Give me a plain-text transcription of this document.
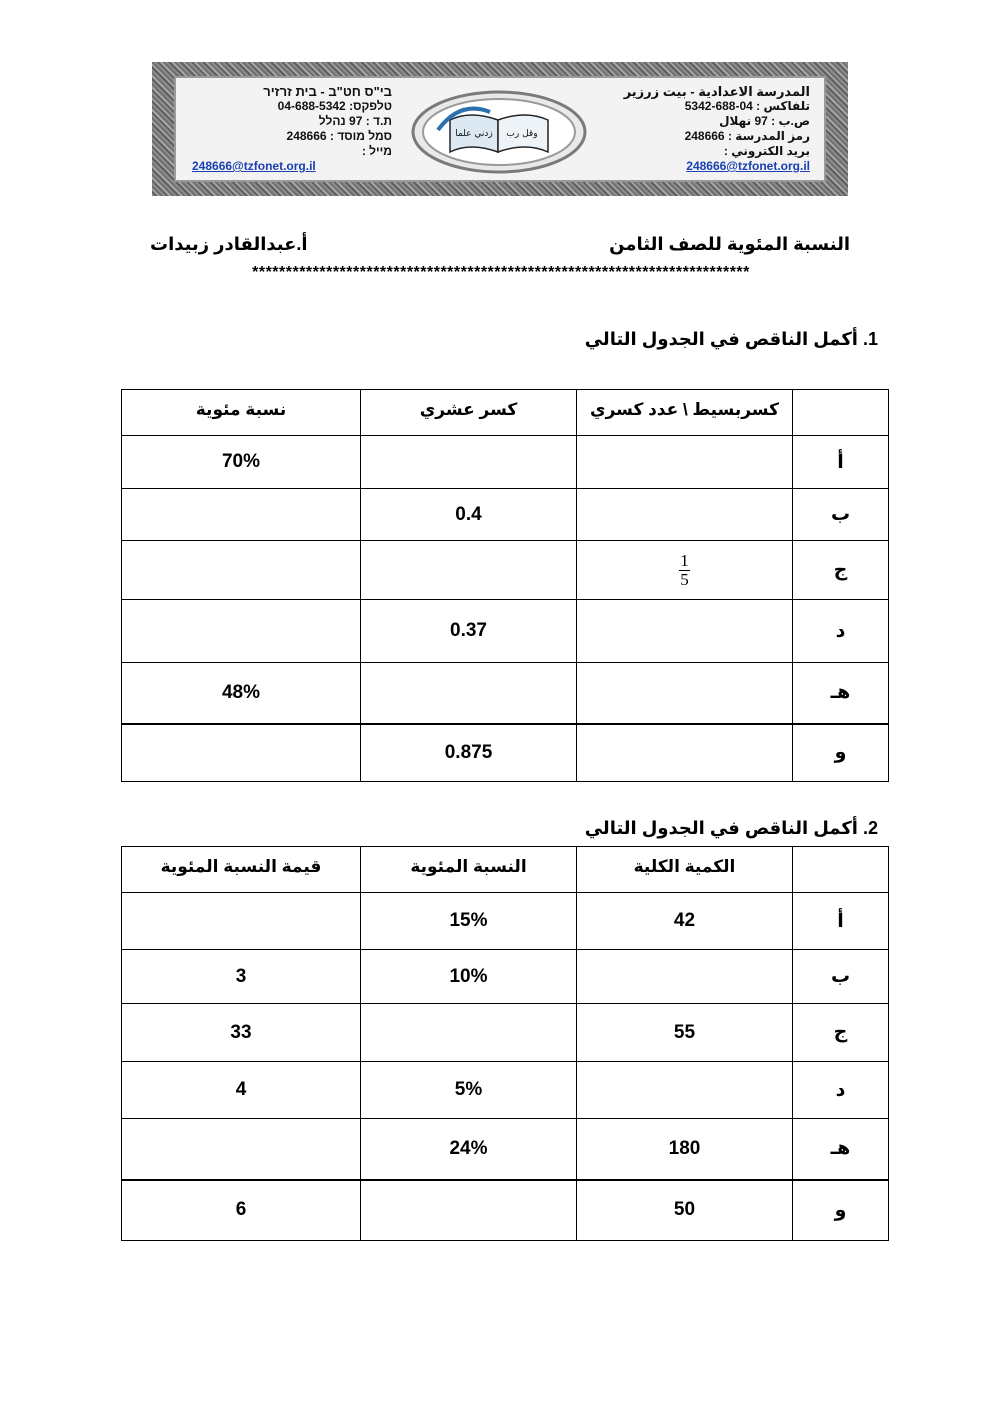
בי"ס חט"ב - בית זרזיר
טלפקס: 04-688-5342
ת.ד : 97 נהלל
סמל מוסד : 248666
מייל :
248666@tzfonet.org.il
زدني علما وقل رب
المدرسة الاعدادية - بيت زرزير
تلفاكس : 04-688-5342
ص.ب : 97 نهلال
رمز المدرسة : 248666
بريد الكتروني :
248666@tzfonet.org.il
النسبة المئوية للصف الثامن
أ.عبدالقادر زبيدات
**************************************************************************
1. أكمل الناقص في الجدول التالي
	كسربسيط \ عدد كسري	كسر عشري	نسبة مئوية
أ			70%
ب		0.4	
ج	$\frac{1}{5}$

د		0.37	
هـ			48%
و		0.875	
2. أكمل الناقص في الجدول التالي
	الكمية الكلية	النسبة المئوية	قيمة النسبة المئوية
أ	42	15%	
ب		10%	3
ج	55		33
د		5%	4
هـ	180	24%	
و	50		6
